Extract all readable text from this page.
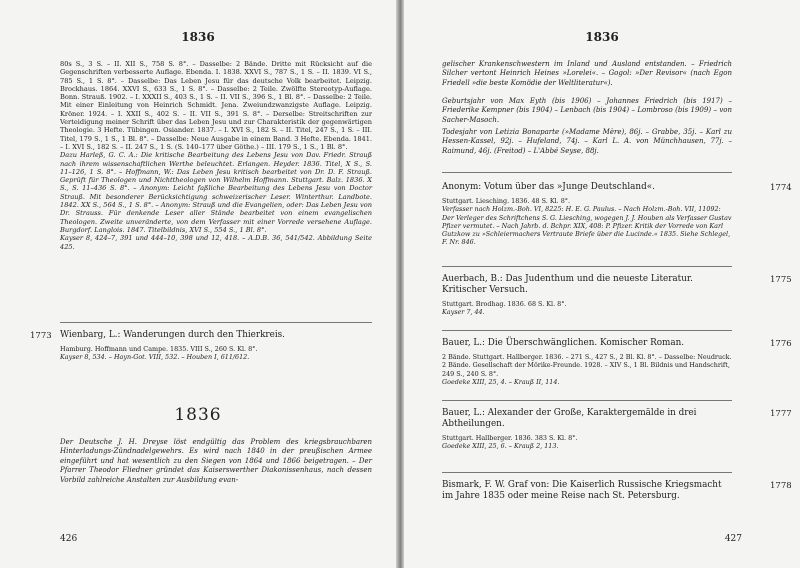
1836

80s S., 3 S. – II. XII S., 758 S. 8°. – Dasselbe: 2 Bände. Dritte mit Rücksicht auf die Gegenschriften verbesserte Auflage. Ebenda. I. 1838. XXVI S., 787 S., 1 S. – II. 1839. VI S., 785 S., 1 S. 8°. – Dasselbe: Das Leben Jesu für das deutsche Volk bearbeitet. Leipzig. Brockhaus. 1864. XXVI S., 633 S., 1 S. 8°. – Dasselbe: 2 Teile. Zwölfte Stereotyp-Auflage. Bonn. Strauß. 1902. – I. XXXII S., 403 S., 1 S. – II. VII S., 396 S., 1 Bl. 8°. – Dasselbe: 2 Teile. Mit einer Einleitung von Heinrich Schmidt. Jena. Zweiundzwanzigste Auflage. Leipzig. Kröner. 1924. – I. XXII S., 402 S. – II. VII S., 391 S. 8°. – Derselbe: Streitschriften zur Verteidigung meiner Schrift über das Leben Jesu und zur Charakteristik der gegenwärtigen Theologie. 3 Hefte. Tübingen. Osiander. 1837. – I. XVI S., 182 S. – II. Titel, 247 S., 1 S. – III. Titel, 179 S., 1 S., 1 Bl. 8°. – Dasselbe: Neue Ausgabe in einem Band. 3 Hefte. Ebenda. 1841. – I. XVI S., 182 S. – II. 247 S., 1 S. (S. 140–177 über Göthe.) – III. 179 S., 1 S., 1 Bl. 8°.

Dazu Harleß, G. C. A.: Die kritische Bearbeitung des Lebens Jesu von Dav. Friedr. Strauß nach ihrem wissenschaftlichen Werthe beleuchtet. Erlangen. Heyder. 1836. Titel, X S., S. 11–126, 1 S. 8°. – Hoffmann, W.: Das Leben Jesu kritisch bearbeitet von Dr. D. F. Strauß. Geprüft für Theologen und Nichttheologen von Wilhelm Hoffmann. Stuttgart. Balz. 1836. X S., S. 11–436 S. 8°. – Anonym: Leicht faßliche Bearbeitung des Lebens Jesu von Doctor Strauß. Mit besonderer Berücksichtigung schweizerischer Leser. Winterthur. Landbote. 1842. XX S., 564 S., 1 S. 8°. – Anonym: Strauß und die Evangelien, oder: Das Leben Jesu von Dr. Strauss. Für denkende Leser aller Stände bearbeitet von einem evangelischen Theologen. Zweite unveränderte, von dem Verfasser mit einer Vorrede versehene Auflage. Burgdorf. Langlois. 1847. Titelbildnis, XVI S., 554 S., 1 Bl. 8°.

Kayser 8, 424–7, 391 und 444–10, 398 und 12, 418. – A.D.B. 36, 541/542. Abbildung Seite 425.

1773 Wienbarg, L.: Wanderungen durch den Thierkreis.

Hamburg. Hoffmann und Campe. 1835. VIII S., 260 S. Kl. 8°.

Kayser 8, 534. – Hayn-Got. VIII, 532. – Houben I, 611/612.

1836
Der Deutsche J. H. Dreyse löst endgültig das Problem des kriegsbrauchbaren Hinterladungs-Zündnadelgewehrs. Es wird nach 1840 in der preußischen Armee eingeführt und hat wesentlich zu den Siegen von 1864 und 1866 beigetragen. – Der Pfarrer Theodor Fliedner gründet das Kaiserswerther Diakonissenhaus, nach dessen Vorbild zahlreiche Anstalten zur Ausbildung evan-
426
1836
gelischer Krankenschwestern im Inland und Ausland entstanden. – Friedrich Silcher vertont Heinrich Heines »Lorelei«. – Gogol: »Der Revisor« (nach Egon Friedell »die beste Komödie der Weltliteratur«).
Geburtsjahr von Max Eyth (bis 1906) – Johannes Friedrich (bis 1917) – Friederike Kempner (bis 1904) – Lenbach (bis 1904) – Lombroso (bis 1909) – von Sacher-Masoch.
Todesjahr von Letizia Bonaparte (»Madame Mère), 86j. – Grabbe, 35j. – Karl zu Hessen-Kassel, 92j. – Hufeland, 74j. – Karl L. A. von Münchhausen, 77j. – Raimund, 46j. (Freitod) – L'Abbé Seyse, 88j.
1774

Anonym: Votum über das »Junge Deutschland«.

Stuttgart. Liesching. 1836. 48 S. Kl. 8°.

Verfasser nach Holzm.-Boh. VI, 8225: H. E. G. Paulus. – Nach Holzm.-Boh. VII, 11092: Der Verleger des Schriftchens S. G. Liesching, wogegen J. J. Houben als Verfasser Gustav Pfizer vermutet. – Nach Jahrb. d. Bchpr. XIX, 408: P. Pfizer. Kritik der Vorrede von Karl Gutzkow zu »Schleiermachers Vertraute Briefe über die Lucinde.« 1835. Siehe Schlegel, F. Nr. 846.

1775

Auerbach, B.: Das Judenthum und die neueste Literatur. Kritischer Versuch.

Stuttgart. Brodhag. 1836. 68 S. Kl. 8°.

Kayser 7, 44.

1776

Bauer, L.: Die Überschwänglichen. Komischer Roman.

2 Bände. Stuttgart. Hallberger. 1836. – 271 S., 427 S., 2 Bl. Kl. 8°. – Dasselbe: Neudruck. 2 Bände. Gesellschaft der Mörike-Freunde. 1928. – XIV S., 1 Bl. Bildnis und Handschrift, 249 S., 240 S. 8°.

Goedeke XIII, 25, 4. – Krauß II, 114.

1777

Bauer, L.: Alexander der Große, Karaktergemälde in drei Abtheilungen.

Stuttgart. Hallberger. 1836. 383 S. Kl. 8°.

Goedeke XIII, 25, 6. – Krauß 2, 113.

1778

Bismark, F. W. Graf von: Die Kaiserlich Russische Kriegsmacht im Jahre 1835 oder meine Reise nach St. Petersburg.

427
